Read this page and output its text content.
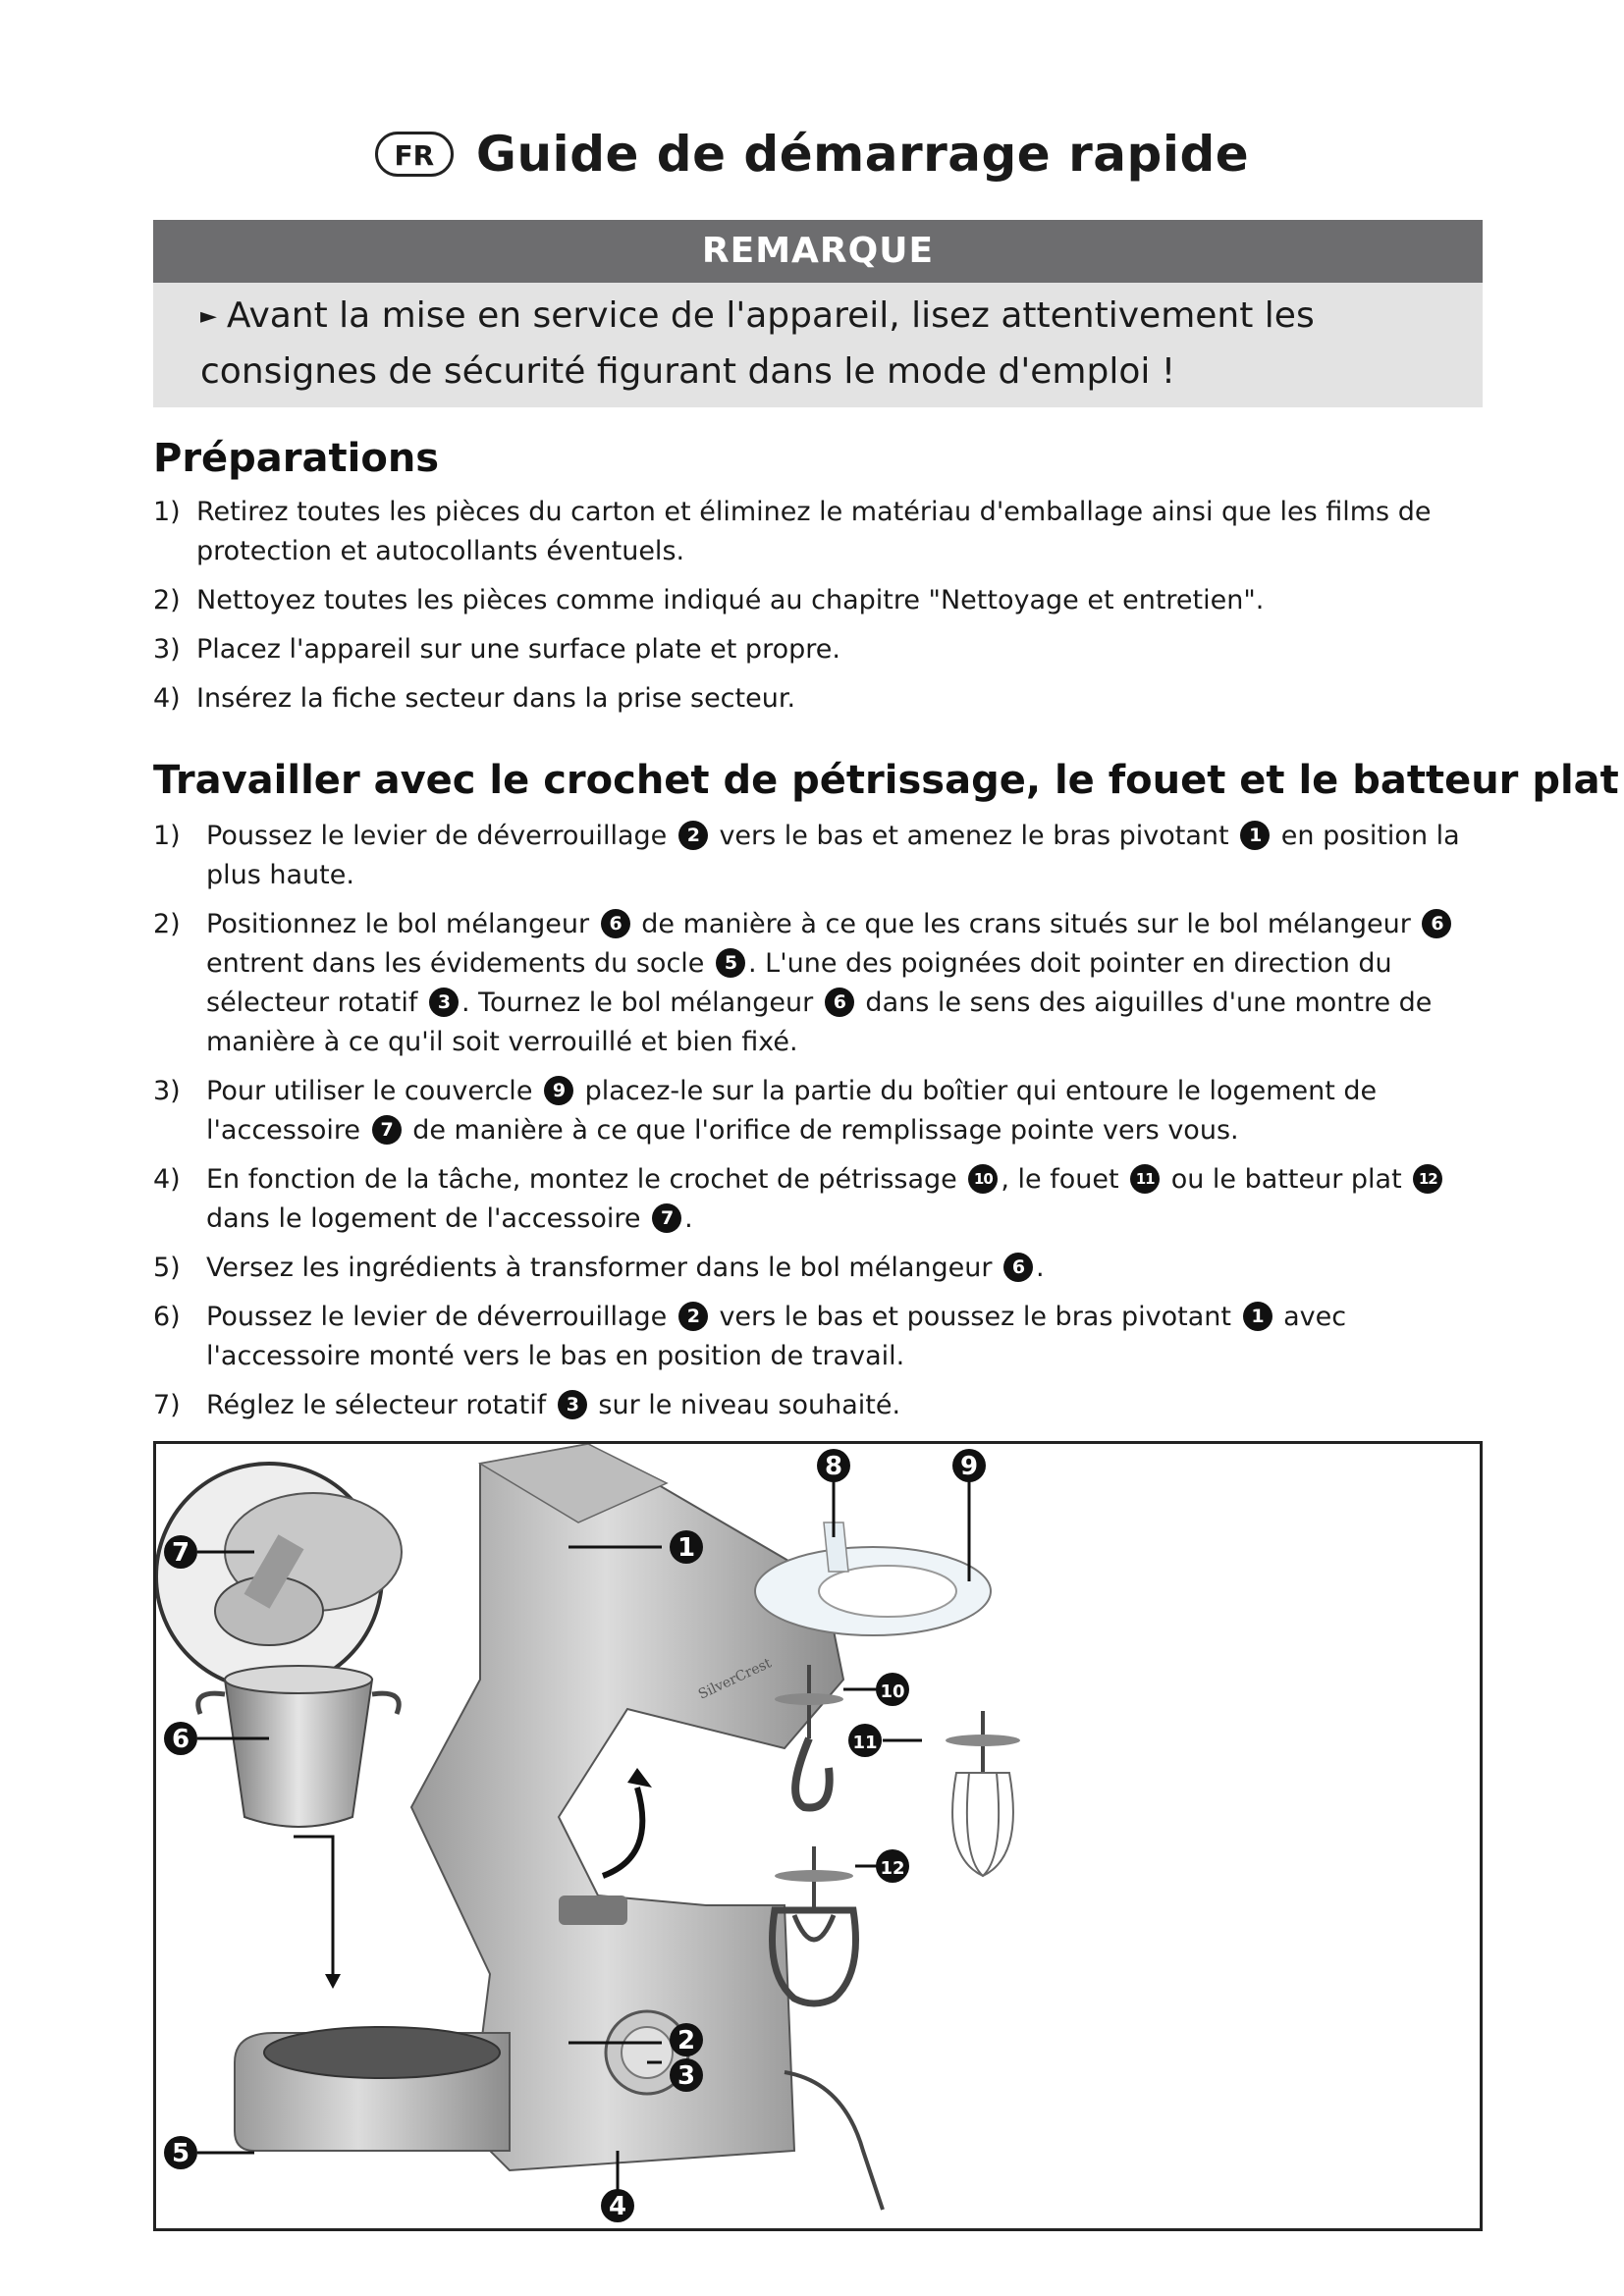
FR Guide de démarrage rapide
REMARQUE
► Avant la mise en service de l'appareil, lisez attentivement les consignes de sécurité figurant dans le mode d'emploi !
Préparations
1) Retirez toutes les pièces du carton et éliminez le matériau d'emballage ainsi que les films de protection et autocollants éventuels.
2) Nettoyez toutes les pièces comme indiqué au chapitre "Nettoyage et entretien".
3) Placez l'appareil sur une surface plate et propre.
4) Insérez la fiche secteur dans la prise secteur.
Travailler avec le crochet de pétrissage, le fouet et le batteur plat
1) Poussez le levier de déverrouillage 2 vers le bas et amenez le bras pivotant 1 en position la plus haute.
2) Positionnez le bol mélangeur 6 de manière à ce que les crans situés sur le bol mélangeur 6 entrent dans les évidements du socle 5 . L'une des poignées doit pointer en direction du sélecteur rotatif 3 . Tournez le bol mélangeur 6 dans le sens des aiguilles d'une montre de manière à ce qu'il soit verrouillé et bien fixé.
3) Pour utiliser le couvercle 9 placez-le sur la partie du boîtier qui entoure le logement de l'accessoire 7 de manière à ce que l'orifice de remplissage pointe vers vous.
4) En fonction de la tâche, montez le crochet de pétrissage 10 , le fouet 11 ou le batteur plat 12 dans le logement de l'accessoire 7 .
5) Versez les ingrédients à transformer dans le bol mélangeur 6 .
6) Poussez le levier de déverrouillage 2 vers le bas et poussez le bras pivotant 1 avec l'accessoire monté vers le bas en position de travail.
7) Réglez le sélecteur rotatif 3 sur le niveau souhaité.
SilverCrest
1
2
3
4
5
6
7
8	9
10
11
12
